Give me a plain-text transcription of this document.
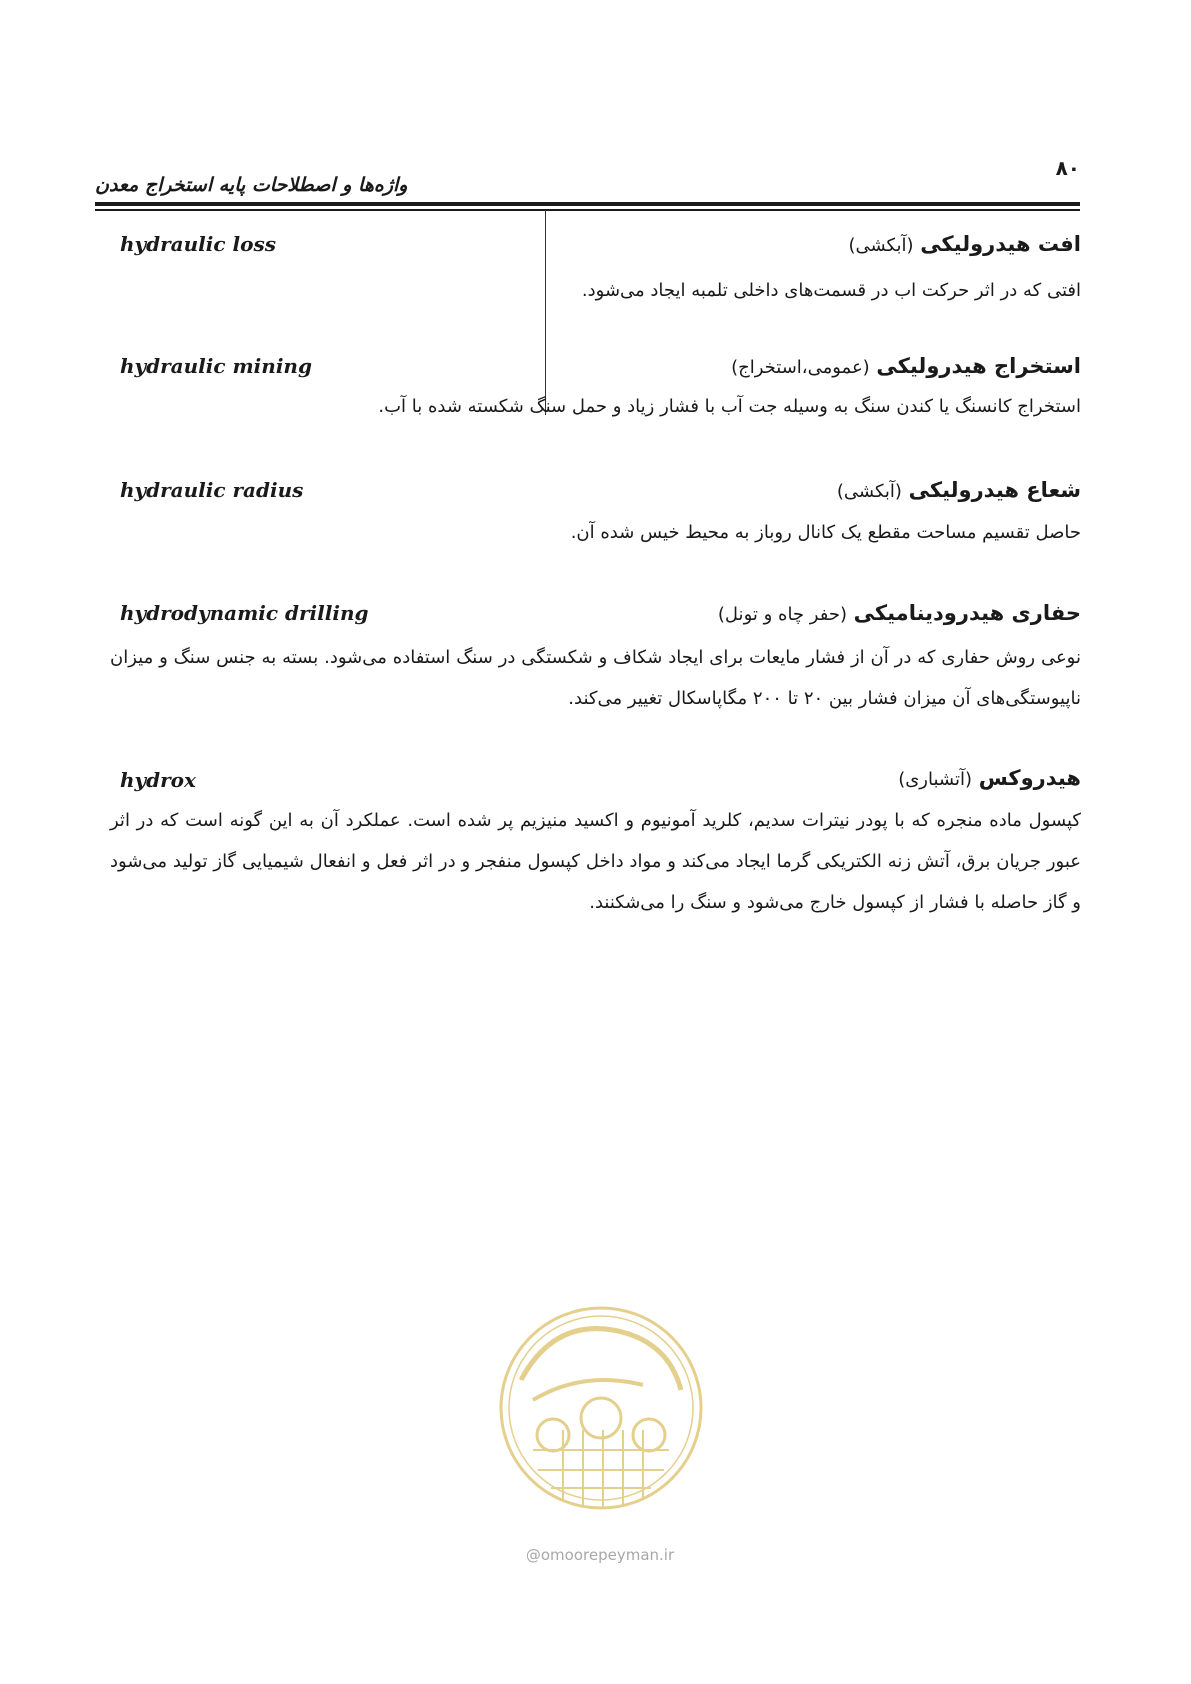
۸۰
واژه‌ها و اصطلاحات پایه استخراج معدن
hydraulic loss	افت هیدرولیکی (آبکشی)
افتی که در اثر حرکت اب در قسمت‌های داخلی تلمبه ایجاد می‌شود.
hydraulic mining	استخراج هیدرولیکی (عمومی،استخراج)
استخراج کانسنگ یا کندن سنگ به وسیله جت آب با فشار زیاد و حمل سنگ شکسته شده با آب.
hydraulic radius	شعاع هیدرولیکی (آبکشی)
حاصل تقسیم مساحت مقطع یک کانال روباز به محیط خیس شده آن.
hydrodynamic drilling	حفاری هیدرودینامیکی (حفر چاه و تونل)
نوعی روش حفاری که در آن از فشار مایعات برای ایجاد شکاف و شکستگی در سنگ استفاده می‌شود. بسته به جنس سنگ و میزان ناپیوستگی‌های آن میزان فشار بین ۲۰ تا ۲۰۰ مگاپاسکال تغییر می‌کند.
hydrox	هیدروکس (آتشباری)
کپسول ماده منجره که با پودر نیترات سدیم، کلرید آمونیوم و اکسید منیزیم پر شده است. عملکرد آن به این گونه است که در اثر عبور جریان برق، آتش زنه الکتریکی گرما ایجاد می‌کند و مواد داخل کپسول منفجر و در اثر فعل و انفعال شیمیایی گاز تولید می‌شود و گاز حاصله با فشار از کپسول خارج می‌شود و سنگ را می‌شکنند.
@omoorepeyman.ir
